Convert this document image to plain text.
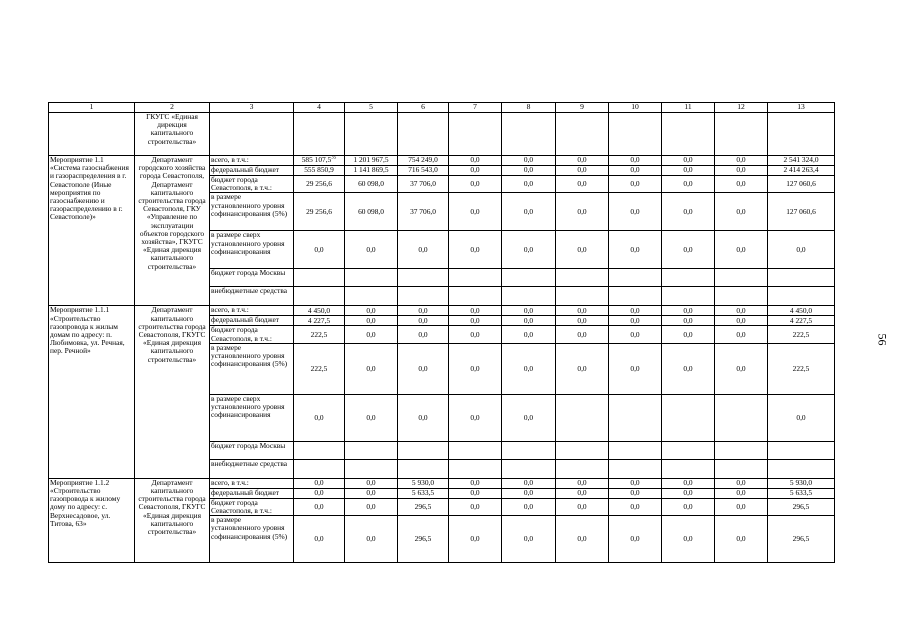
1	2	3	4	5	6	7	8	9	10	11	12	13
	ГКУГС «Единая дирекция капитального строительства»											
Мероприятие 1.1 «Система газоснабжения и газораспределения в г. Севастополе (Иные мероприятия по газоснабжению и газораспределению в г. Севастополе)»	Департамент городского хозяйства города Севастополя, Департамент капитального строительства города Севастополя, ГКУ «Управление по эксплуатации объектов городского хозяйства», ГКУГС «Единая дирекция капитального строительства»	всего, в т.ч.:	585 107,5$^{35}$	1 201 967,5	754 249,0	0,0	0,0	0,0	0,0	0,0	0,0	2 541 324,0
		федеральный бюджет	555 850,9	1 141 869,5	716 543,0	0,0	0,0	0,0	0,0	0,0	0,0	2 414 263,4
		бюджет города Севастополя, в т.ч.:	29 256,6	60 098,0	37 706,0	0,0	0,0	0,0	0,0	0,0	0,0	127 060,6
		в размере установленного уровня софинансирования (5%)	29 256,6	60 098,0	37 706,0	0,0	0,0	0,0	0,0	0,0	0,0	127 060,6
		в размере сверх установленного уровня софинансирования	0,0	0,0	0,0	0,0	0,0	0,0	0,0	0,0	0,0	0,0
		бюджет города Москвы										
		внебюджетные средства										
Мероприятие 1.1.1 «Строительство газопровода к жилым домам по адресу: п. Любимовка, ул. Речная, пер. Речной»	Департамент капитального строительства города Севастополя, ГКУГС «Единая дирекция капитального строительства»	всего, в т.ч.:	4 450,0	0,0	0,0	0,0	0,0	0,0	0,0	0,0	0,0	4 450,0
		федеральный бюджет	4 227,5	0,0	0,0	0,0	0,0	0,0	0,0	0,0	0,0	4 227,5
		бюджет города Севастополя, в т.ч.:	222,5	0,0	0,0	0,0	0,0	0,0	0,0	0,0	0,0	222,5
		в размере установленного уровня софинансирования (5%)	222,5	0,0	0,0	0,0	0,0	0,0	0,0	0,0	0,0	222,5
		в размере сверх установленного уровня софинансирования	0,0	0,0	0,0	0,0	0,0					0,0
		бюджет города Москвы										
		внебюджетные средства										
Мероприятие 1.1.2 «Строительство газопровода к жилому дому по адресу: с. Верхнесадовое, ул. Титова, 63»	Департамент капитального строительства города Севастополя, ГКУГС «Единая дирекция капитального строительства»	всего, в т.ч.:	0,0	0,0	5 930,0	0,0	0,0	0,0	0,0	0,0	0,0	5 930,0
		федеральный бюджет	0,0	0,0	5 633,5	0,0	0,0	0,0	0,0	0,0	0,0	5 633,5
		бюджет города Севастополя, в т.ч.:	0,0	0,0	296,5	0,0	0,0	0,0	0,0	0,0	0,0	296,5
		в размере установленного уровня софинансирования (5%)	0,0	0,0	296,5	0,0	0,0	0,0	0,0	0,0	0,0	296,5
56
